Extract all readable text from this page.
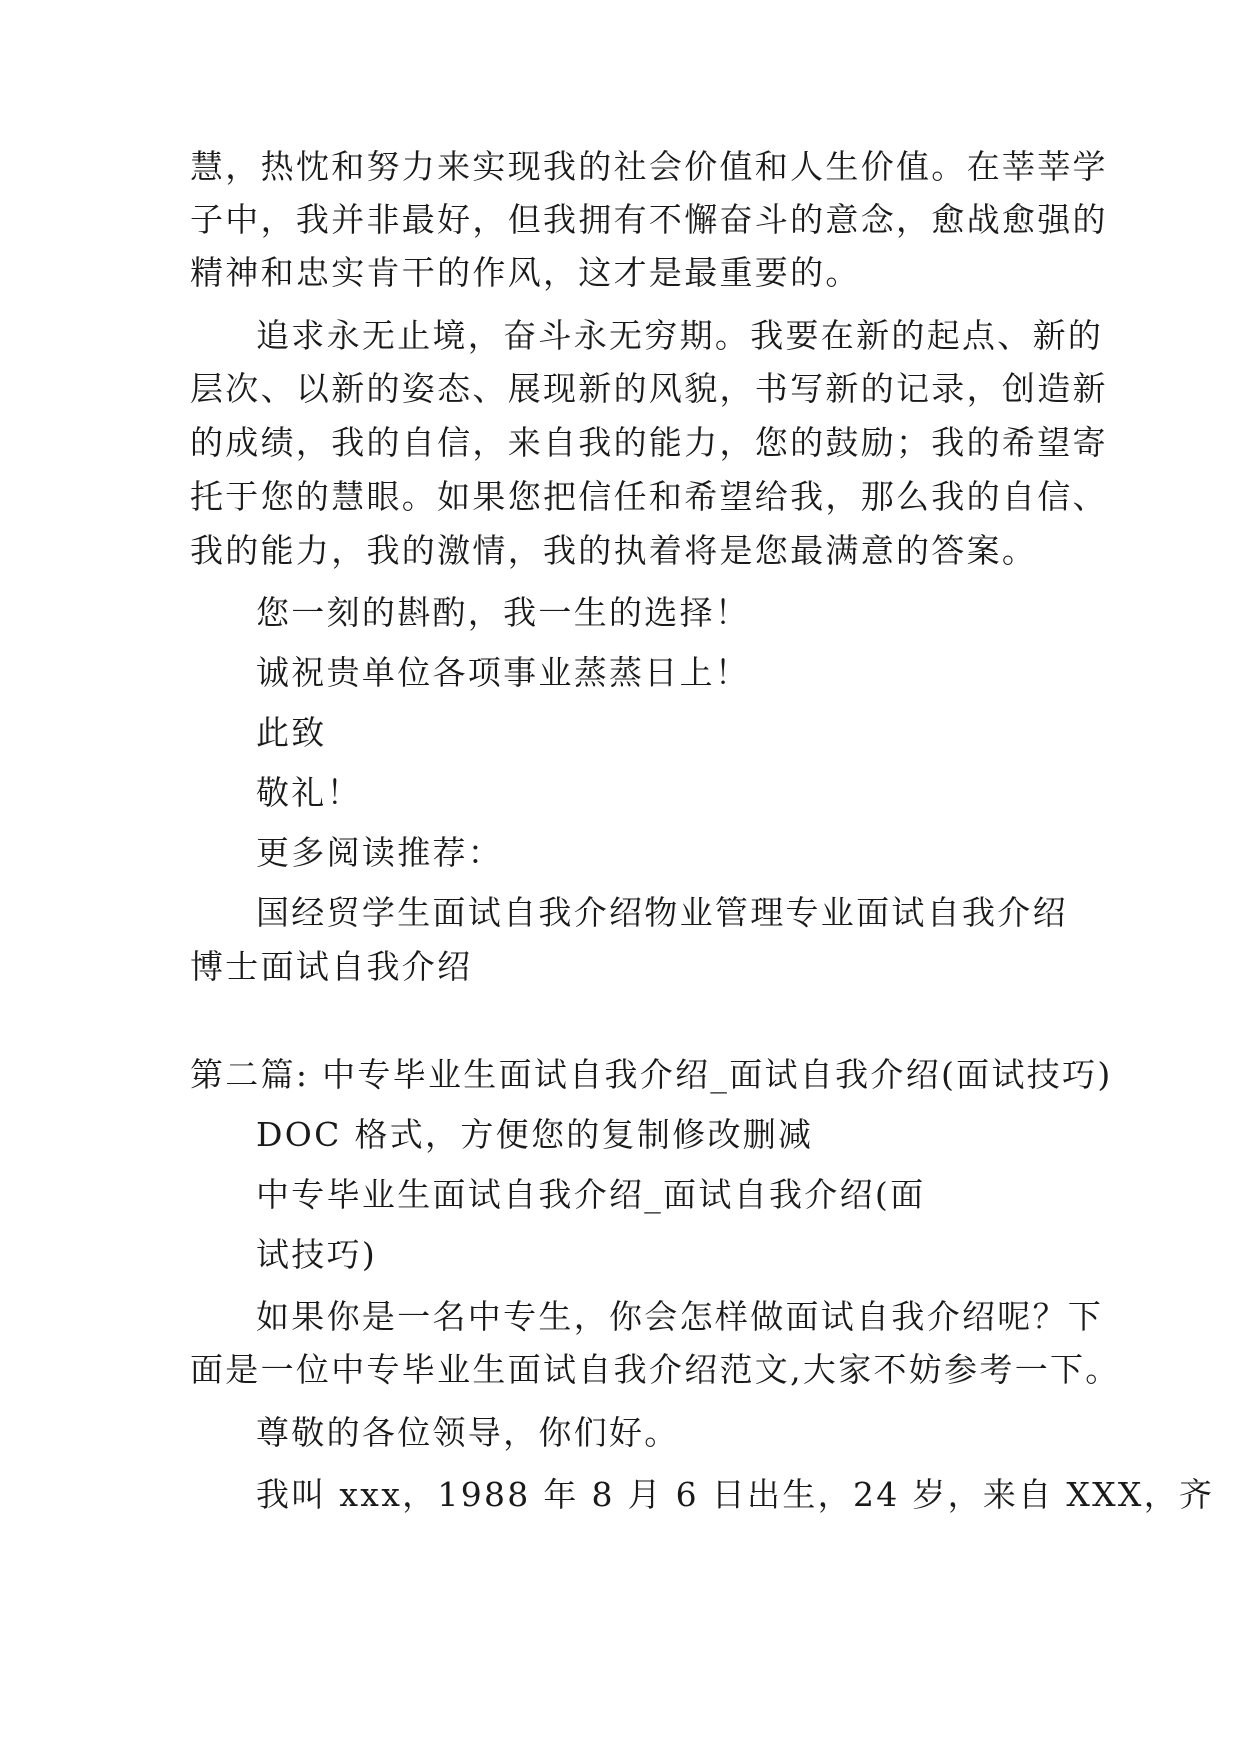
慧，热忱和努力来实现我的社会价值和人生价值。在莘莘学
子中，我并非最好，但我拥有不懈奋斗的意念，愈战愈强的
精神和忠实肯干的作风，这才是最重要的。
追求永无止境，奋斗永无穷期。我要在新的起点、新的
层次、以新的姿态、展现新的风貌，书写新的记录，创造新
的成绩，我的自信，来自我的能力，您的鼓励；我的希望寄
托于您的慧眼。如果您把信任和希望给我，那么我的自信、
我的能力，我的激情，我的执着将是您最满意的答案。
您一刻的斟酌，我一生的选择！
诚祝贵单位各项事业蒸蒸日上！
此致
敬礼！
更多阅读推荐：
国经贸学生面试自我介绍物业管理专业面试自我介绍
博士面试自我介绍
第二篇: 中专毕业生面试自我介绍_面试自我介绍(面试技巧)
DOC 格式，方便您的复制修改删减
中专毕业生面试自我介绍_面试自我介绍(面
试技巧)
如果你是一名中专生，你会怎样做面试自我介绍呢？下
面是一位中专毕业生面试自我介绍范文,大家不妨参考一下。
尊敬的各位领导，你们好。
我叫 xxx，1988 年 8 月 6 日出生，24 岁，来自 XXX，齐
